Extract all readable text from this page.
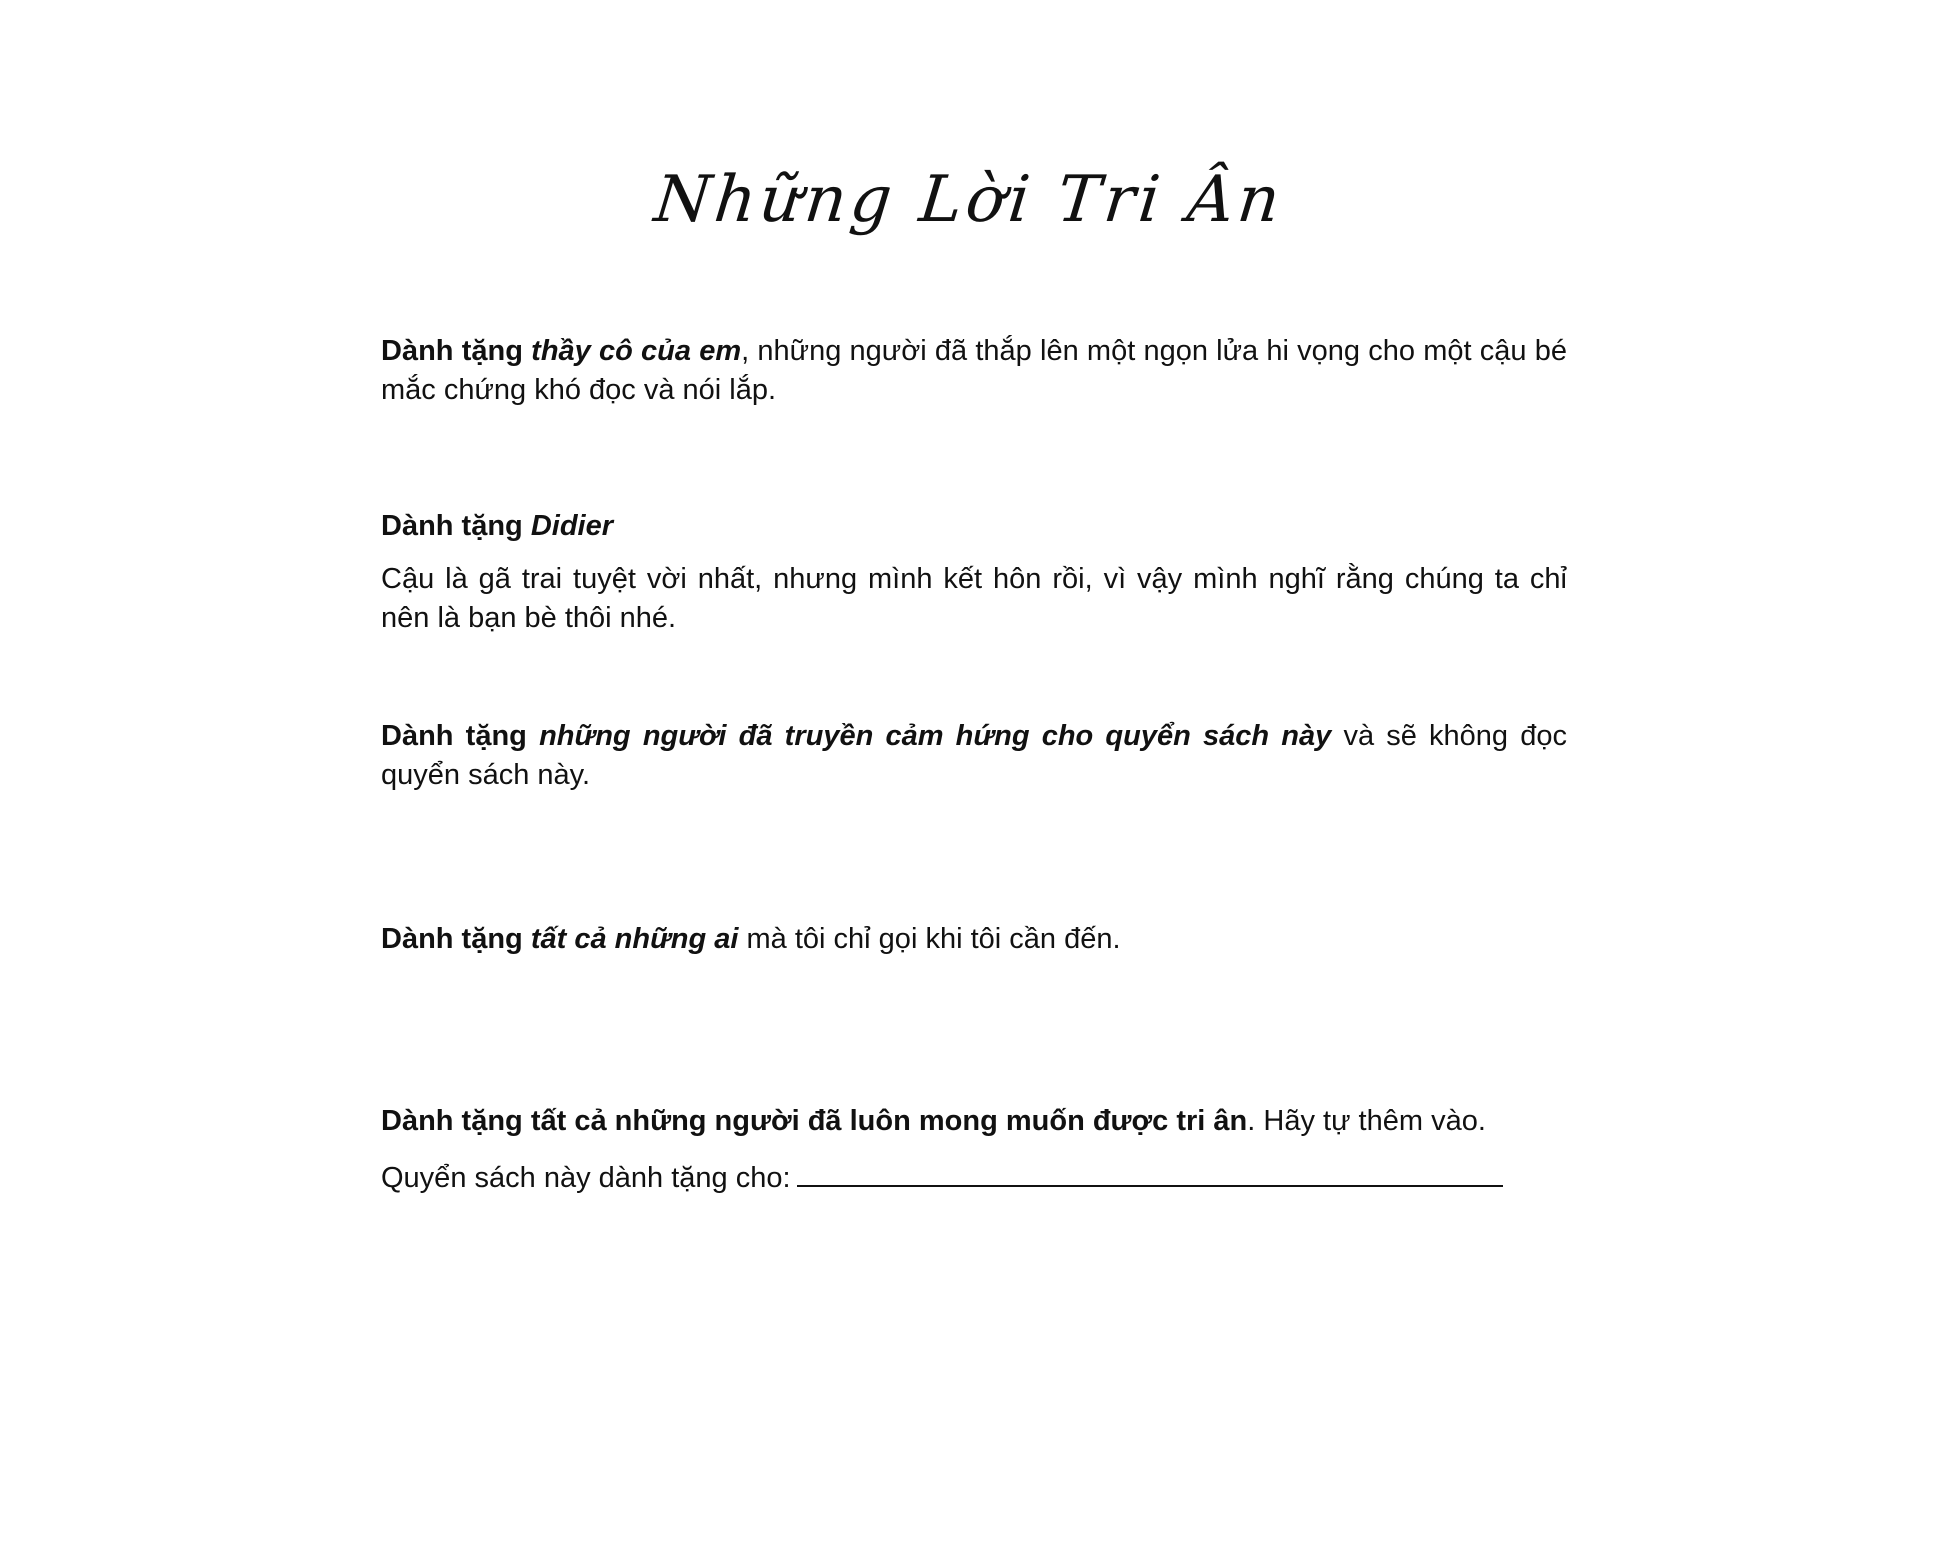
Những Lời Tri Ân

Dành tặng thầy cô của em, những người đã thắp lên một ngọn lửa hi vọng cho một cậu bé mắc chứng khó đọc và nói lắp.

Dành tặng Didier

Cậu là gã trai tuyệt vời nhất, nhưng mình kết hôn rồi, vì vậy mình nghĩ rằng chúng ta chỉ nên là bạn bè thôi nhé.

Dành tặng những người đã truyền cảm hứng cho quyển sách này và sẽ không đọc quyển sách này.

Dành tặng tất cả những ai mà tôi chỉ gọi khi tôi cần đến.

Dành tặng tất cả những người đã luôn mong muốn được tri ân. Hãy tự thêm vào.

Quyển sách này dành tặng cho:
